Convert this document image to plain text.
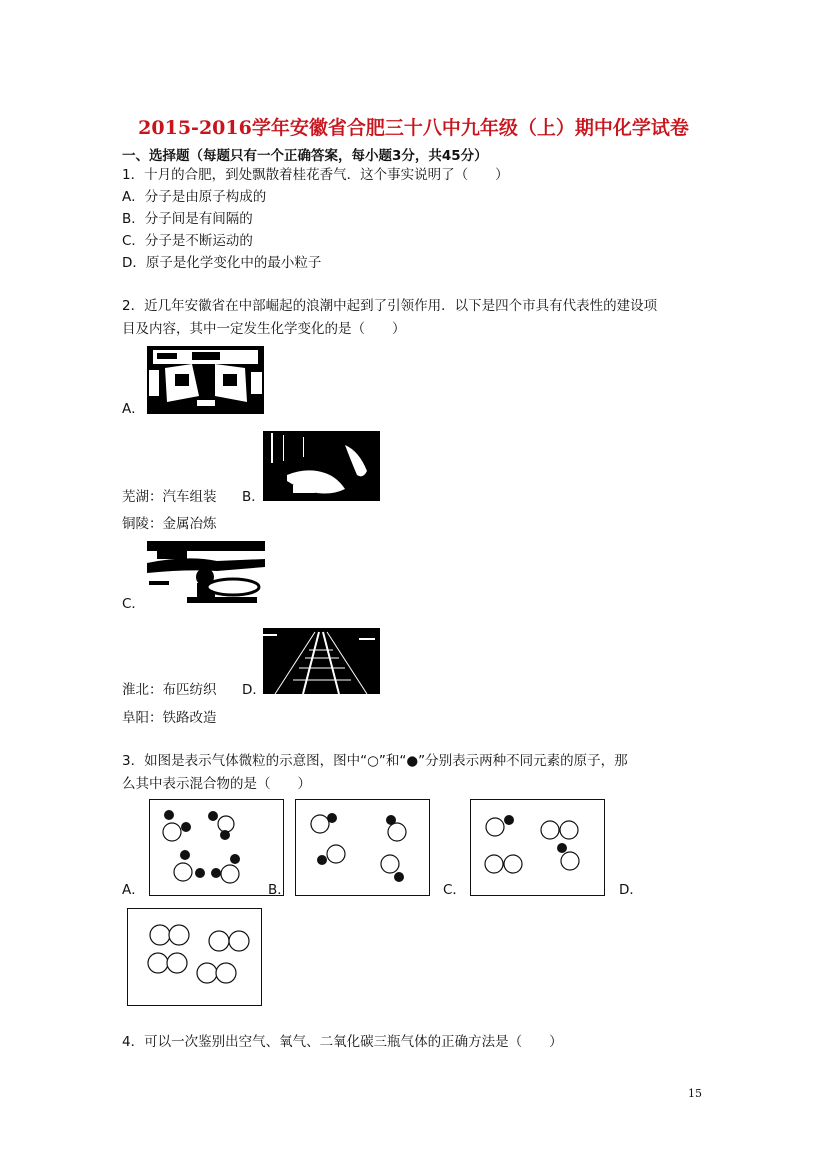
2015-2016学年安徽省合肥三十八中九年级（上）期中化学试卷
一、选择题（每题只有一个正确答案，每小题3分，共45分）
1．十月的合肥，到处飘散着桂花香气．这个事实说明了（　　）
A．分子是由原子构成的
B．分子间是有间隔的
C．分子是不断运动的
D．原子是化学变化中的最小粒子
2．近几年安徽省在中部崛起的浪潮中起到了引领作用．以下是四个市具有代表性的建设项
目及内容，其中一定发生化学变化的是（　　）
A．
芜湖：汽车组装 B．
铜陵：金属冶炼
C．
淮北：布匹纺织 D．
阜阳：铁路改造
3．如图是表示气体微粒的示意图，图中“○”和“●”分别表示两种不同元素的原子，那
么其中表示混合物的是（　　）
A．	B．	C．	D．
4．可以一次鉴别出空气、氧气、二氧化碳三瓶气体的正确方法是（　　）
15
